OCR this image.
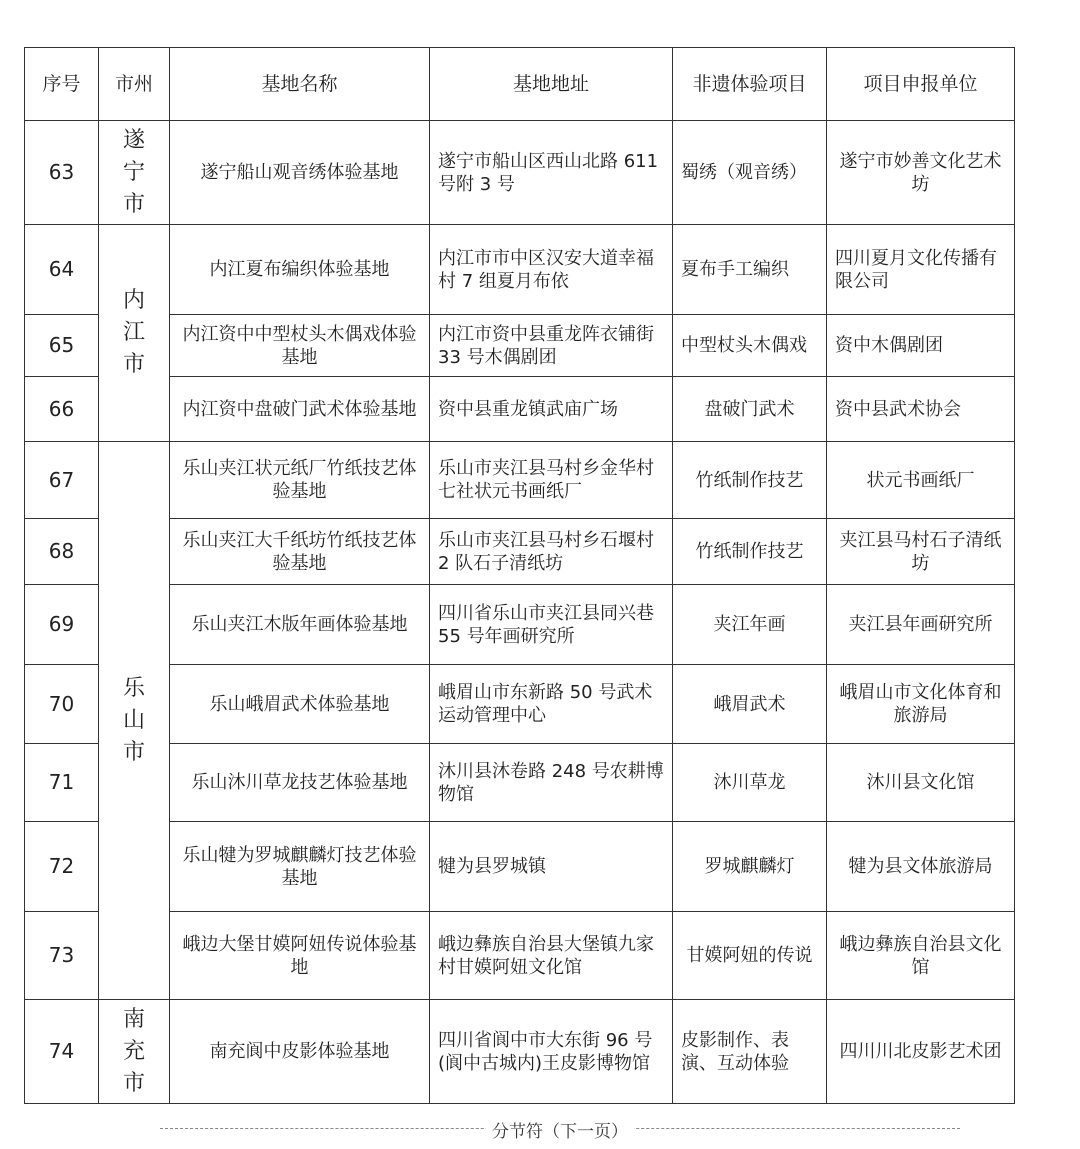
序号	市州	基地名称	基地地址	非遗体验项目	项目申报单位
63	遂宁市	遂宁船山观音绣体验基地	遂宁市船山区西山北路 611 号附 3 号	蜀绣（观音绣）	遂宁市妙善文化艺术坊
64	内江市	内江夏布编织体验基地	内江市市中区汉安大道幸福村 7 组夏月布依	夏布手工编织	四川夏月文化传播有限公司
65		内江资中中型杖头木偶戏体验基地	内江市资中县重龙阵衣铺街 33 号木偶剧团	中型杖头木偶戏	资中木偶剧团
66		内江资中盘破门武术体验基地	资中县重龙镇武庙广场	盘破门武术	资中县武术协会
67	乐山市	乐山夹江状元纸厂竹纸技艺体验基地	乐山市夹江县马村乡金华村七社状元书画纸厂	竹纸制作技艺	状元书画纸厂
68		乐山夹江大千纸坊竹纸技艺体验基地	乐山市夹江县马村乡石堰村 2 队石子清纸坊	竹纸制作技艺	夹江县马村石子清纸坊
69		乐山夹江木版年画体验基地	四川省乐山市夹江县同兴巷 55 号年画研究所	夹江年画	夹江县年画研究所
70		乐山峨眉武术体验基地	峨眉山市东新路 50 号武术运动管理中心	峨眉武术	峨眉山市文化体育和旅游局
71		乐山沐川草龙技艺体验基地	沐川县沐卷路 248 号农耕博物馆	沐川草龙	沐川县文化馆
72		乐山犍为罗城麒麟灯技艺体验基地	犍为县罗城镇	罗城麒麟灯	犍为县文体旅游局
73		峨边大堡甘嫫阿妞传说体验基地	峨边彝族自治县大堡镇九家村甘嫫阿妞文化馆	甘嫫阿妞的传说	峨边彝族自治县文化馆
74	南充市	南充阆中皮影体验基地	四川省阆中市大东街 96 号(阆中古城内)王皮影博物馆	皮影制作、表演、互动体验	四川川北皮影艺术团
分节符（下一页）
